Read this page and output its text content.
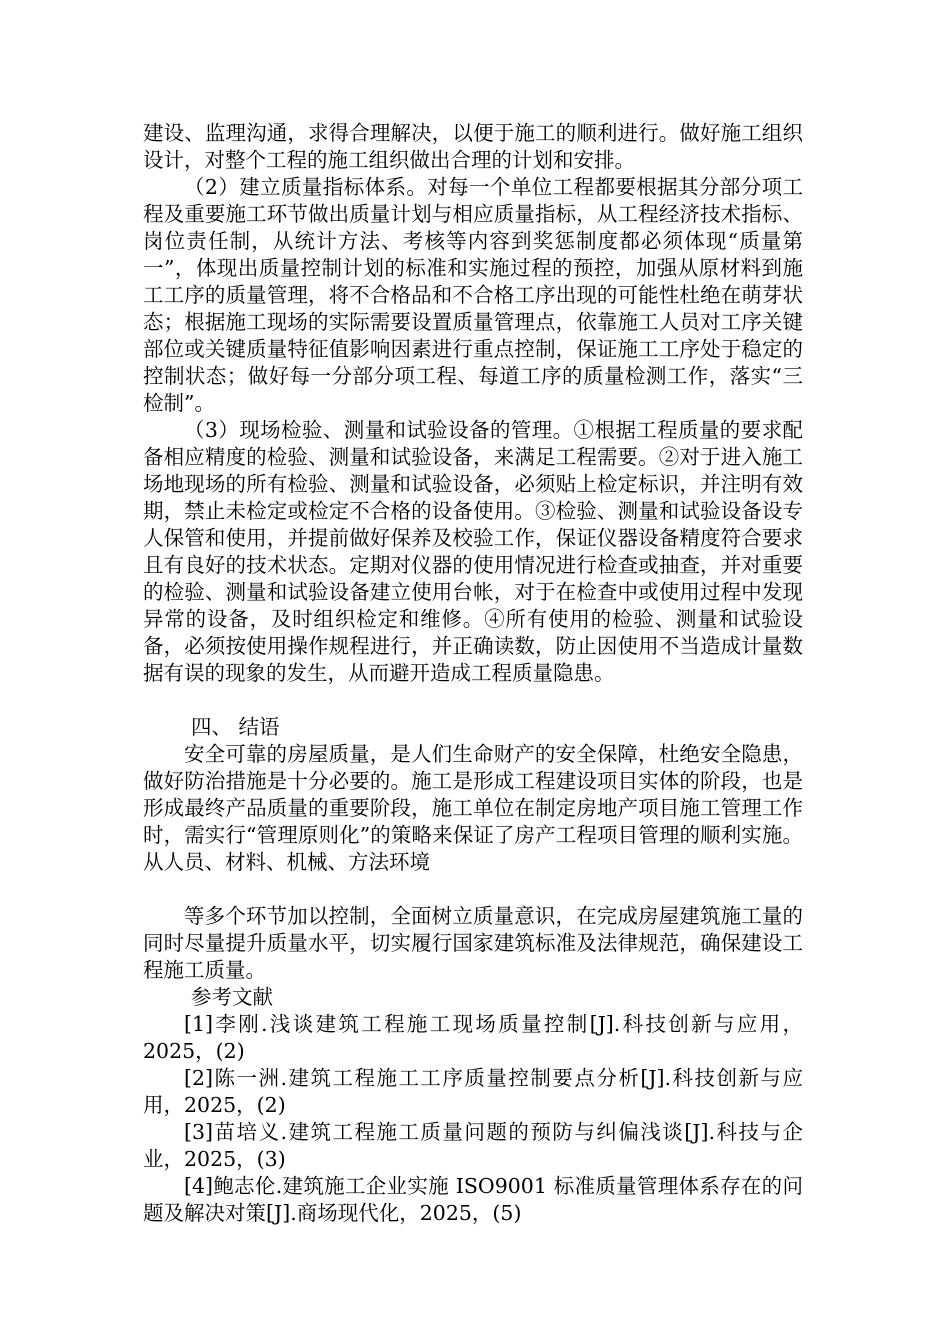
建设、监理沟通，求得合理解决，以便于施工的顺利进行。做好施工组织设计，对整个工程的施工组织做出合理的计划和安排。

（2）建立质量指标体系。对每一个单位工程都要根据其分部分项工程及重要施工环节做出质量计划与相应质量指标，从工程经济技术指标、岗位责任制，从统计方法、考核等内容到奖惩制度都必须体现“质量第一”，体现出质量控制计划的标准和实施过程的预控，加强从原材料到施工工序的质量管理，将不合格品和不合格工序出现的可能性杜绝在萌芽状态；根据施工现场的实际需要设置质量管理点，依靠施工人员对工序关键部位或关键质量特征值影响因素进行重点控制，保证施工工序处于稳定的控制状态；做好每一分部分项工程、每道工序的质量检测工作，落实“三检制”。

（3）现场检验、测量和试验设备的管理。①根据工程质量的要求配备相应精度的检验、测量和试验设备，来满足工程需要。②对于进入施工场地现场的所有检验、测量和试验设备，必须贴上检定标识，并注明有效期，禁止未检定或检定不合格的设备使用。③检验、测量和试验设备设专人保管和使用，并提前做好保养及校验工作，保证仪器设备精度符合要求且有良好的技术状态。定期对仪器的使用情况进行检查或抽查，并对重要的检验、测量和试验设备建立使用台帐，对于在检查中或使用过程中发现异常的设备，及时组织检定和维修。④所有使用的检验、测量和试验设备，必须按使用操作规程进行，并正确读数，防止因使用不当造成计量数据有误的现象的发生，从而避开造成工程质量隐患。

四、 结语

安全可靠的房屋质量，是人们生命财产的安全保障，杜绝安全隐患，做好防治措施是十分必要的。施工是形成工程建设项目实体的阶段，也是形成最终产品质量的重要阶段，施工单位在制定房地产项目施工管理工作时，需实行“管理原则化”的策略来保证了房产工程项目管理的顺利实施。从人员、材料、机械、方法环境

等多个环节加以控制，全面树立质量意识，在完成房屋建筑施工量的同时尽量提升质量水平，切实履行国家建筑标准及法律规范，确保建设工程施工质量。

参考文献

[1]李刚.浅谈建筑工程施工现场质量控制[J].科技创新与应用，2025，(2)

[2]陈一洲.建筑工程施工工序质量控制要点分析[J].科技创新与应用，2025，(2)

[3]苗培义.建筑工程施工质量问题的预防与纠偏浅谈[J].科技与企业，2025，(3)

[4]鲍志伦.建筑施工企业实施 ISO9001 标准质量管理体系存在的问题及解决对策[J].商场现代化，2025，(5)
